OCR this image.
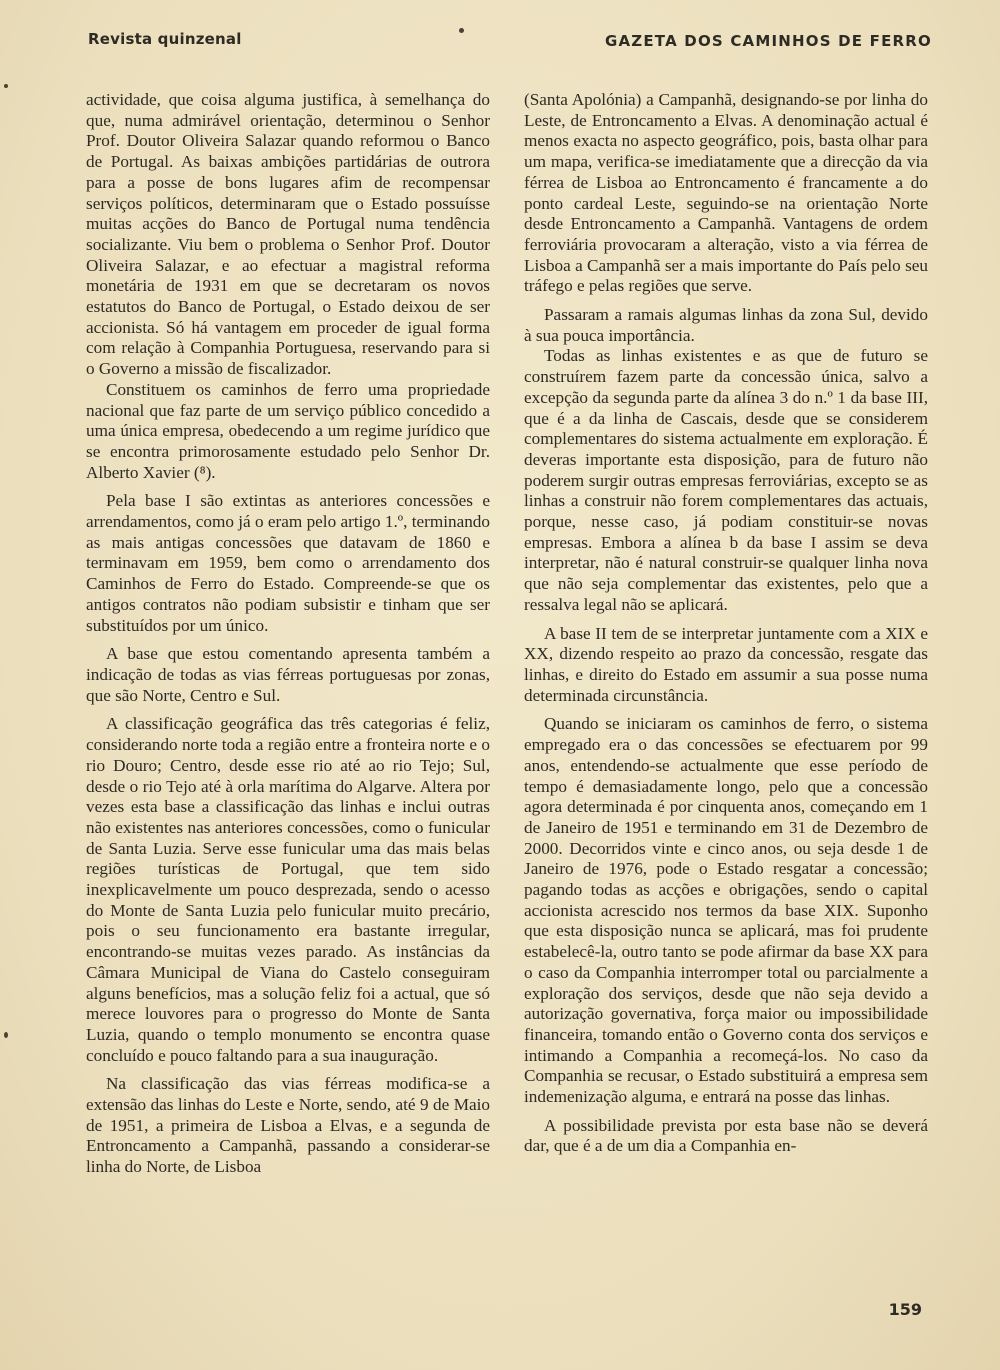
Revista quinzenal	GAZETA DOS CAMINHOS DE FERRO

actividade, que coisa alguma justifica, à semelhança do que, numa admirável orientação, determinou o Senhor Prof. Doutor Oliveira Salazar quando reformou o Banco de Portugal. As baixas ambições partidárias de outrora para a posse de bons lugares afim de recompensar serviços políticos, determinaram que o Estado possuísse muitas acções do Banco de Portugal numa tendência socializante. Viu bem o problema o Senhor Prof. Doutor Oliveira Salazar, e ao efectuar a magistral reforma monetária de 1931 em que se decretaram os novos estatutos do Banco de Portugal, o Estado deixou de ser accionista. Só há vantagem em proceder de igual forma com relação à Companhia Portuguesa, reservando para si o Governo a missão de fiscalizador.

Constituem os caminhos de ferro uma propriedade nacional que faz parte de um serviço público concedido a uma única empresa, obedecendo a um regime jurídico que se encontra primorosamente estudado pelo Senhor Dr. Alberto Xavier (⁸).

Pela base I são extintas as anteriores concessões e arrendamentos, como já o eram pelo artigo 1.º, terminando as mais antigas concessões que datavam de 1860 e terminavam em 1959, bem como o arrendamento dos Caminhos de Ferro do Estado. Compreende-se que os antigos contratos não podiam subsistir e tinham que ser substituídos por um único.

A base que estou comentando apresenta também a indicação de todas as vias férreas portuguesas por zonas, que são Norte, Centro e Sul.

A classificação geográfica das três categorias é feliz, considerando norte toda a região entre a fronteira norte e o rio Douro; Centro, desde esse rio até ao rio Tejo; Sul, desde o rio Tejo até à orla marítima do Algarve. Altera por vezes esta base a classificação das linhas e inclui outras não existentes nas anteriores concessões, como o funicular de Santa Luzia. Serve esse funicular uma das mais belas regiões turísticas de Portugal, que tem sido inexplicavelmente um pouco desprezada, sendo o acesso do Monte de Santa Luzia pelo funicular muito precário, pois o seu funcionamento era bastante irregular, encontrando-se muitas vezes parado. As instâncias da Câmara Municipal de Viana do Castelo conseguiram alguns benefícios, mas a solução feliz foi a actual, que só merece louvores para o progresso do Monte de Santa Luzia, quando o templo monumento se encontra quase concluído e pouco faltando para a sua inauguração.

Na classificação das vias férreas modifica-se a extensão das linhas do Leste e Norte, sendo, até 9 de Maio de 1951, a primeira de Lisboa a Elvas, e a segunda de Entroncamento a Campanhã, passando a considerar-se linha do Norte, de Lisboa

(Santa Apolónia) a Campanhã, designando-se por linha do Leste, de Entroncamento a Elvas. A denominação actual é menos exacta no aspecto geográfico, pois, basta olhar para um mapa, verifica-se imediatamente que a direcção da via férrea de Lisboa ao Entroncamento é francamente a do ponto cardeal Leste, seguindo-se na orientação Norte desde Entroncamento a Campanhã. Vantagens de ordem ferroviária provocaram a alteração, visto a via férrea de Lisboa a Campanhã ser a mais importante do País pelo seu tráfego e pelas regiões que serve.

Passaram a ramais algumas linhas da zona Sul, devido à sua pouca importância.

Todas as linhas existentes e as que de futuro se construírem fazem parte da concessão única, salvo a excepção da segunda parte da alínea 3 do n.º 1 da base III, que é a da linha de Cascais, desde que se considerem complementares do sistema actualmente em exploração. É deveras importante esta disposição, para de futuro não poderem surgir outras empresas ferroviárias, excepto se as linhas a construir não forem complementares das actuais, porque, nesse caso, já podiam constituir-se novas empresas. Embora a alínea b da base I assim se deva interpretar, não é natural construir-se qualquer linha nova que não seja complementar das existentes, pelo que a ressalva legal não se aplicará.

A base II tem de se interpretar juntamente com a XIX e XX, dizendo respeito ao prazo da concessão, resgate das linhas, e direito do Estado em assumir a sua posse numa determinada circunstância.

Quando se iniciaram os caminhos de ferro, o sistema empregado era o das concessões se efectuarem por 99 anos, entendendo-se actualmente que esse período de tempo é demasiadamente longo, pelo que a concessão agora determinada é por cinquenta anos, começando em 1 de Janeiro de 1951 e terminando em 31 de Dezembro de 2000. Decorridos vinte e cinco anos, ou seja desde 1 de Janeiro de 1976, pode o Estado resgatar a concessão; pagando todas as acções e obrigações, sendo o capital accionista acrescido nos termos da base XIX. Suponho que esta disposição nunca se aplicará, mas foi prudente estabelecê-la, outro tanto se pode afirmar da base XX para o caso da Companhia interromper total ou parcialmente a exploração dos serviços, desde que não seja devido a autorização governativa, força maior ou impossibilidade financeira, tomando então o Governo conta dos serviços e intimando a Companhia a recomeçá-los. No caso da Companhia se recusar, o Estado substituirá a empresa sem indemenização alguma, e entrará na posse das linhas.

A possibilidade prevista por esta base não se deverá dar, que é a de um dia a Companhia en-

159
